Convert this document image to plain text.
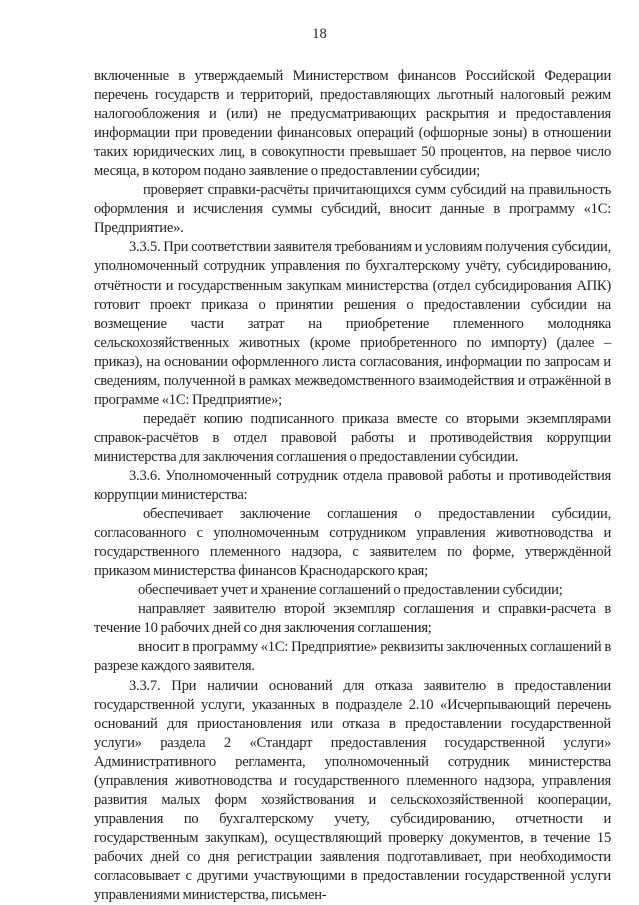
18

включенные в утверждаемый Министерством финансов Российской Федерации перечень государств и территорий, предоставляющих льготный налоговый режим налогообложения и (или) не предусматривающих раскрытия и предоставления информации при проведении финансовых операций (офшорные зоны) в отношении таких юридических лиц, в совокупности превышает 50 процентов, на первое число месяца, в котором подано заявление о предоставлении субсидии;

проверяет справки-расчёты причитающихся сумм субсидий на правильность оформления и исчисления суммы субсидий, вносит данные в программу «1С: Предприятие».

3.3.5. При соответствии заявителя требованиям и условиям получения субсидии, уполномоченный сотрудник управления по бухгалтерскому учёту, субсидированию, отчётности и государственным закупкам министерства (отдел субсидирования АПК) готовит проект приказа о принятии решения о предоставлении субсидии на возмещение части затрат на приобретение племенного молодняка сельскохозяйственных животных (кроме приобретенного по импорту) (далее – приказ), на основании оформленного листа согласования, информации по запросам и сведениям, полученной в рамках межведомственного взаимодействия и отражённой в программе «1С: Предприятие»;

передаёт копию подписанного приказа вместе со вторыми экземплярами справок-расчётов в отдел правовой работы и противодействия коррупции министерства для заключения соглашения о предоставлении субсидии.

3.3.6. Уполномоченный сотрудник отдела правовой работы и противодействия коррупции министерства:

обеспечивает заключение соглашения о предоставлении субсидии, согласованного с уполномоченным сотрудником управления животноводства и государственного племенного надзора, с заявителем по форме, утверждённой приказом министерства финансов Краснодарского края;

обеспечивает учет и хранение соглашений о предоставлении субсидии;

направляет заявителю второй экземпляр соглашения и справки-расчета в течение 10 рабочих дней со дня заключения соглашения;

вносит в программу «1С: Предприятие» реквизиты заключенных соглашений в разрезе каждого заявителя.

3.3.7. При наличии оснований для отказа заявителю в предоставлении государственной услуги, указанных в подразделе 2.10 «Исчерпывающий перечень оснований для приостановления или отказа в предоставлении государственной услуги» раздела 2 «Стандарт предоставления государственной услуги» Административного регламента, уполномоченный сотрудник министерства (управления животноводства и государственного племенного надзора, управления развития малых форм хозяйствования и сельскохозяйственной кооперации, управления по бухгалтерскому учету, субсидированию, отчетности и государственным закупкам), осуществляющий проверку документов, в течение 15 рабочих дней со дня регистрации заявления подготавливает, при необходимости согласовывает с другими участвующими в предоставлении государственной услуги управлениями министерства, письмен-
